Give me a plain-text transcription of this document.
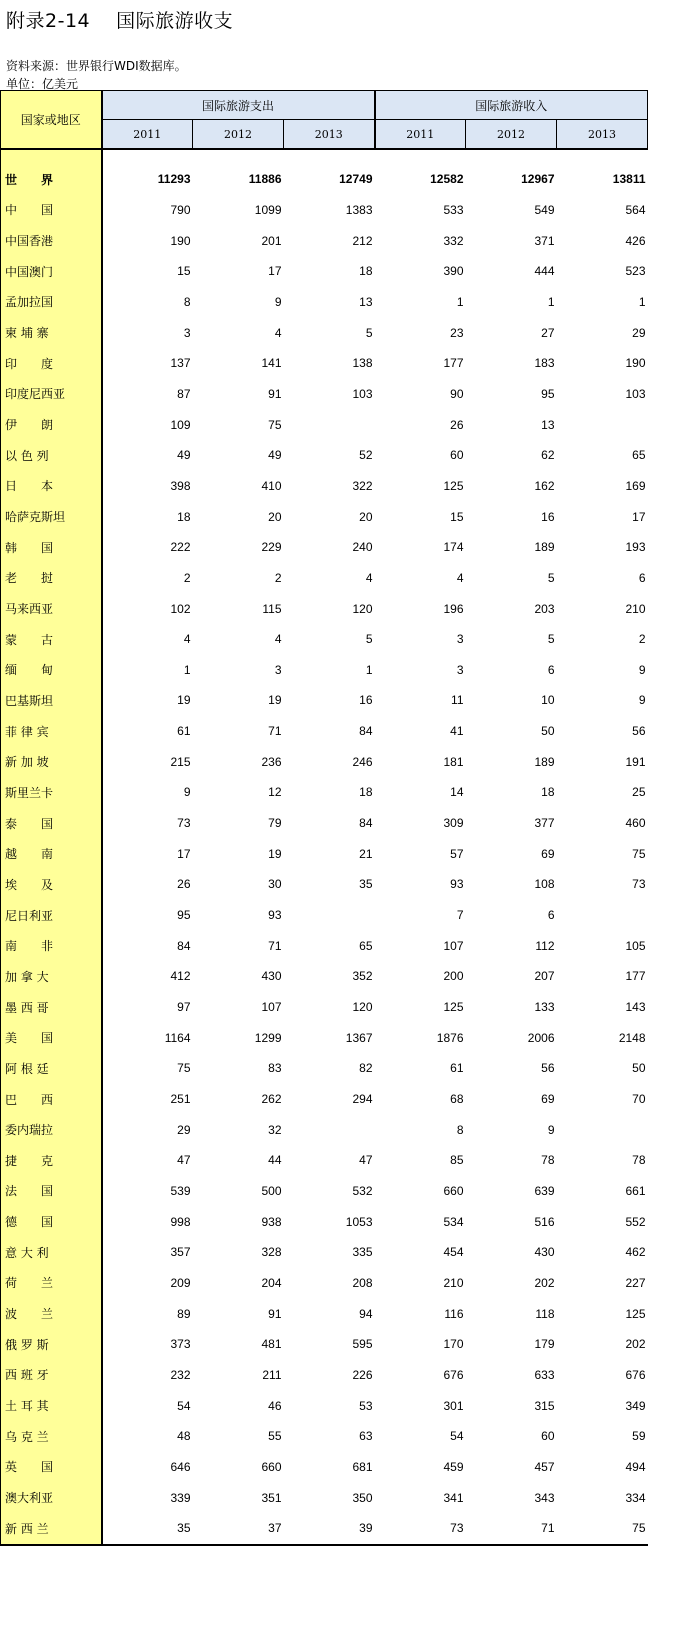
附录2-14 国际旅游收支
资料来源：世界银行WDI数据库。
单位：亿美元
国家或地区	国际旅游支出			国际旅游收入		
	2011	2012	2013	2011	2012	2013

世　　界	11293	11886	12749	12582	12967	13811
中　　国	790	1099	1383	533	549	564
中国香港	190	201	212	332	371	426
中国澳门	15	17	18	390	444	523
孟加拉国	8	9	13	1	1	1
柬 埔 寨	3	4	5	23	27	29
印　　度	137	141	138	177	183	190
印度尼西亚	87	91	103	90	95	103
伊　　朗	109	75		26	13	
以 色 列	49	49	52	60	62	65
日　　本	398	410	322	125	162	169
哈萨克斯坦	18	20	20	15	16	17
韩　　国	222	229	240	174	189	193
老　　挝	2	2	4	4	5	6
马来西亚	102	115	120	196	203	210
蒙　　古	4	4	5	3	5	2
缅　　甸	1	3	1	3	6	9
巴基斯坦	19	19	16	11	10	9
菲 律 宾	61	71	84	41	50	56
新 加 坡	215	236	246	181	189	191
斯里兰卡	9	12	18	14	18	25
泰　　国	73	79	84	309	377	460
越　　南	17	19	21	57	69	75
埃　　及	26	30	35	93	108	73
尼日利亚	95	93		7	6	
南　　非	84	71	65	107	112	105
加 拿 大	412	430	352	200	207	177
墨 西 哥	97	107	120	125	133	143
美　　国	1164	1299	1367	1876	2006	2148
阿 根 廷	75	83	82	61	56	50
巴　　西	251	262	294	68	69	70
委内瑞拉	29	32		8	9	
捷　　克	47	44	47	85	78	78
法　　国	539	500	532	660	639	661
德　　国	998	938	1053	534	516	552
意 大 利	357	328	335	454	430	462
荷　　兰	209	204	208	210	202	227
波　　兰	89	91	94	116	118	125
俄 罗 斯	373	481	595	170	179	202
西 班 牙	232	211	226	676	633	676
土 耳 其	54	46	53	301	315	349
乌 克 兰	48	55	63	54	60	59
英　　国	646	660	681	459	457	494
澳大利亚	339	351	350	341	343	334
新 西 兰	35	37	39	73	71	75
